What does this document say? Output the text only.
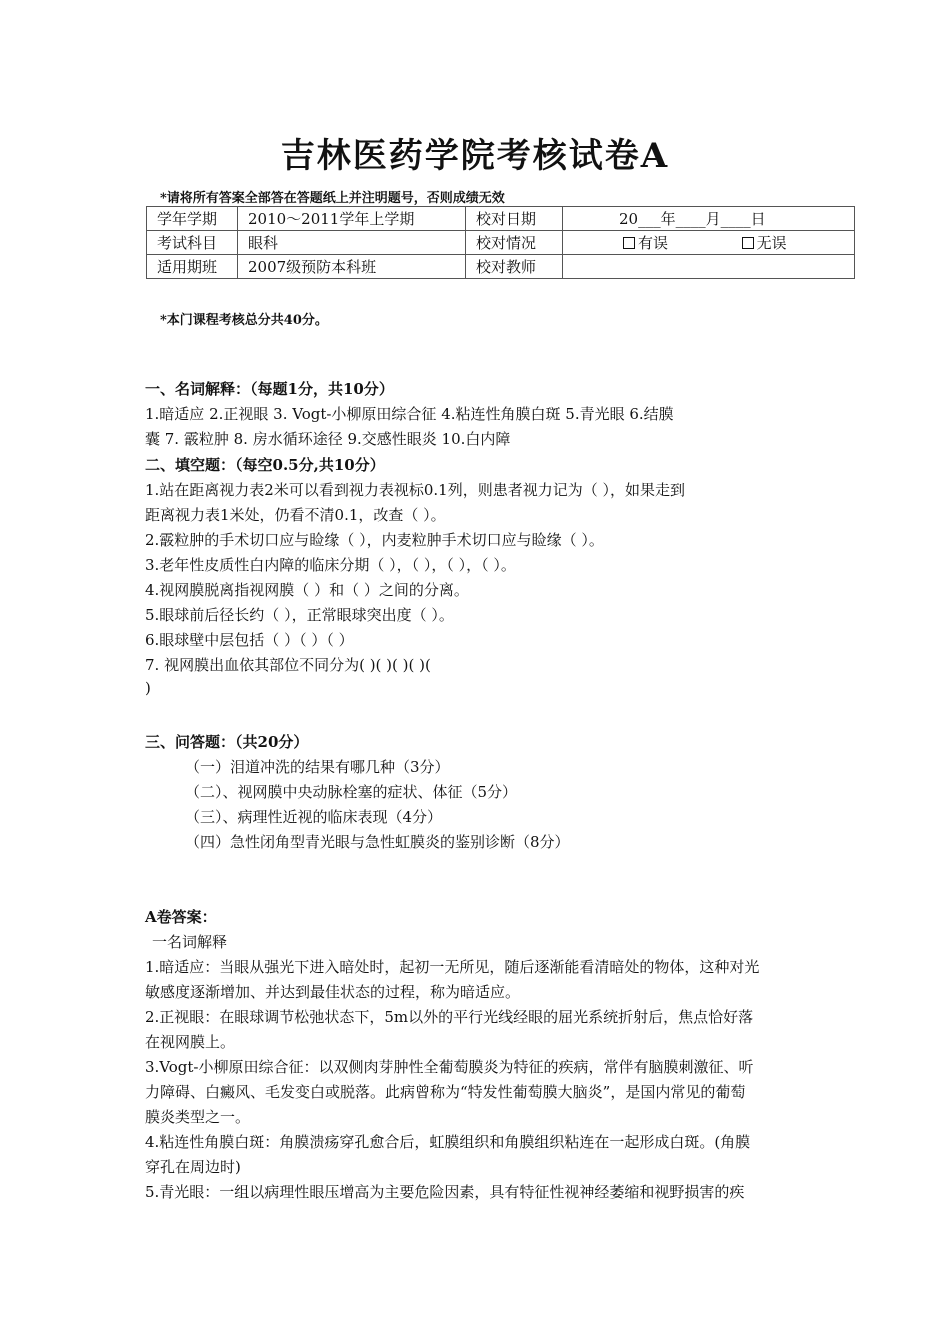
吉林医药学院考核试卷A
*请将所有答案全部答在答题纸上并注明题号，否则成绩无效
学年学期	2010～2011学年上学期	校对日期	20___年____月____日
考试科目	眼科	校对情况	有误 无误
适用期班	2007级预防本科班	校对教师	
*本门课程考核总分共40分。
一、名词解释：（每题1分，共10分）
1.暗适应 2.正视眼 3. Vogt-小柳原田综合征 4.粘连性角膜白斑 5.青光眼 6.结膜
囊 7. 霰粒肿 8. 房水循环途径 9.交感性眼炎 10.白内障
二、填空题：（每空0.5分,共10分）
1.站在距离视力表2米可以看到视力表视标0.1列，则患者视力记为（ ），如果走到
距离视力表1米处，仍看不清0.1，改查（ ）。
2.霰粒肿的手术切口应与睑缘（ ），内麦粒肿手术切口应与睑缘（ ）。
3.老年性皮质性白内障的临床分期（ ），（ ），（ ），（ ）。
4.视网膜脱离指视网膜（ ）和（ ）之间的分离。
5.眼球前后径长约（ ），正常眼球突出度（ ）。
6.眼球壁中层包括（ ）（ ）（ ）
7. 视网膜出血依其部位不同分为( )( )( )( )(
)
三、问答题：（共20分）
（一）泪道冲洗的结果有哪几种（3分）
（二）、视网膜中央动脉栓塞的症状、体征（5分）
（三）、病理性近视的临床表现（4分）
（四）急性闭角型青光眼与急性虹膜炎的鉴别诊断（8分）
A卷答案：
一名词解释
1.暗适应：当眼从强光下进入暗处时，起初一无所见，随后逐渐能看清暗处的物体，这种对光
敏感度逐渐增加、并达到最佳状态的过程，称为暗适应。
2.正视眼：在眼球调节松弛状态下，5m以外的平行光线经眼的屈光系统折射后，焦点恰好落
在视网膜上。
3.Vogt-小柳原田综合征：以双侧肉芽肿性全葡萄膜炎为特征的疾病，常伴有脑膜刺激征、听
力障碍、白癜风、毛发变白或脱落。此病曾称为“特发性葡萄膜大脑炎”，是国内常见的葡萄
膜炎类型之一。
4.粘连性角膜白斑：角膜溃疡穿孔愈合后，虹膜组织和角膜组织粘连在一起形成白斑。(角膜
穿孔在周边时)
5.青光眼：一组以病理性眼压增高为主要危险因素，具有特征性视神经萎缩和视野损害的疾
